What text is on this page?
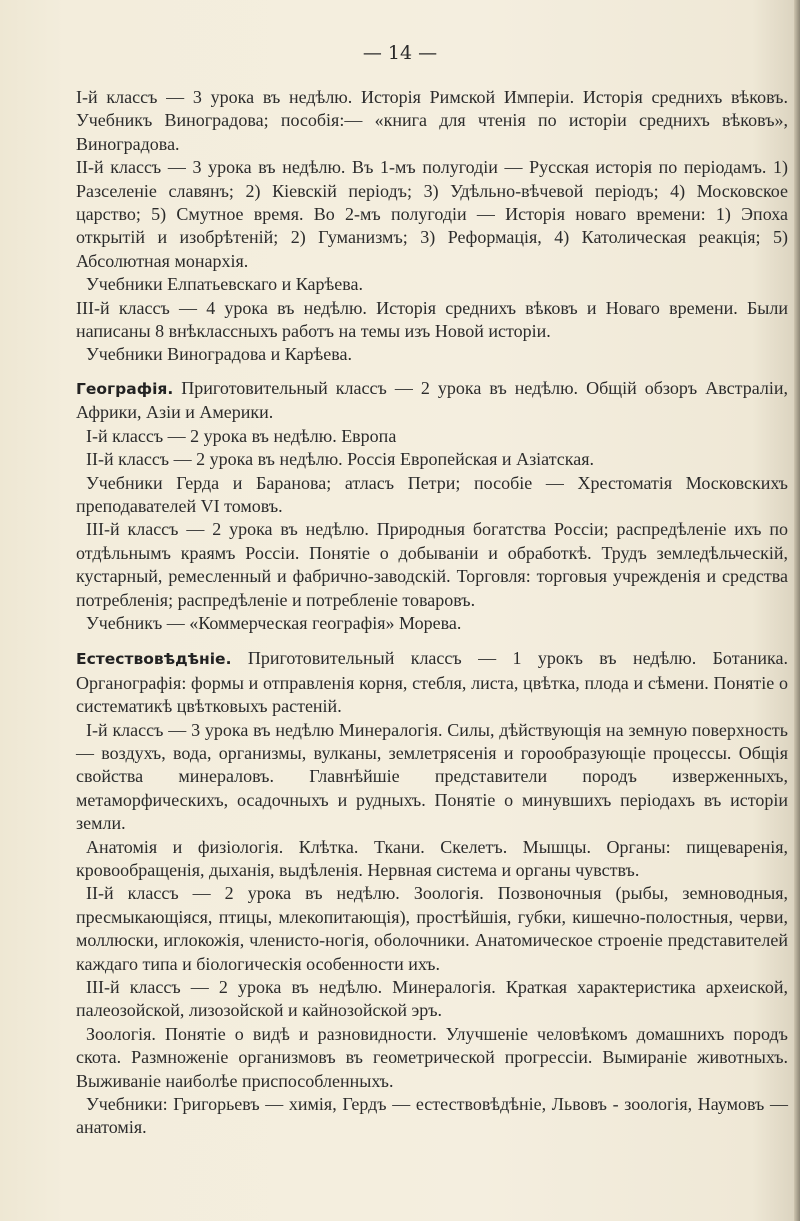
— 14 —

I-й классъ — 3 урока въ недѣлю. Исторія Римской Имперіи. Исторія среднихъ вѣковъ. Учебникъ Виноградова; пособія:— «книга для чтенія по исторіи среднихъ вѣковъ», Виноградова.

II-й классъ — 3 урока въ недѣлю. Въ 1-мъ полугодіи — Русская исторія по періодамъ. 1) Разселеніе славянъ; 2) Кіевскій періодъ; 3) Удѣльно-вѣчевой періодъ; 4) Московское царство; 5) Смутное время. Во 2-мъ полугодіи — Исторія новаго времени: 1) Эпоха открытій и изобрѣтеній; 2) Гуманизмъ; 3) Реформація, 4) Католическая реакція; 5) Абсолютная монархія.

Учебники Елпатьевскаго и Карѣева.

III-й классъ — 4 урока въ недѣлю. Исторія среднихъ вѣковъ и Новаго времени. Были написаны 8 внѣклассныхъ работъ на темы изъ Новой исторіи.

Учебники Виноградова и Карѣева.

Географія. Приготовительный классъ — 2 урока въ недѣлю. Общій обзоръ Австраліи, Африки, Азіи и Америки.

I-й классъ — 2 урока въ недѣлю. Европа

II-й классъ — 2 урока въ недѣлю. Россія Европейская и Азіатская.

Учебники Герда и Баранова; атласъ Петри; пособіе — Хрестоматія Московскихъ преподавателей VI томовъ.

III-й классъ — 2 урока въ недѣлю. Природныя богатства Россіи; распредѣленіе ихъ по отдѣльнымъ краямъ Россіи. Понятіе о добываніи и обработкѣ. Трудъ земледѣльческій, кустарный, ремесленный и фабрично-заводскій. Торговля: торговыя учрежденія и средства потребленія; распредѣленіе и потребленіе товаровъ.

Учебникъ — «Коммерческая географія» Морева.

Естествовѣдѣніе. Приготовительный классъ — 1 урокъ въ недѣлю. Ботаника. Органографія: формы и отправленія корня, стебля, листа, цвѣтка, плода и сѣмени. Понятіе о систематикѣ цвѣтковыхъ растеній.

I-й классъ — 3 урока въ недѣлю Минералогія. Силы, дѣйствующія на земную поверхность — воздухъ, вода, организмы, вулканы, землетрясенія и горообразующіе процессы. Общія свойства минераловъ. Главнѣйшіе представители породъ изверженныхъ, метаморфическихъ, осадочныхъ и рудныхъ. Понятіе о минувшихъ періодахъ въ исторіи земли.

Анатомія и физіологія. Клѣтка. Ткани. Скелетъ. Мышцы. Органы: пищеваренія, кровообращенія, дыханія, выдѣленія. Нервная система и органы чувствъ.

II-й классъ — 2 урока въ недѣлю. Зоологія. Позвоночныя (рыбы, земноводныя, пресмыкающіяся, птицы, млекопитающія), простѣйшія, губки, кишечно-полостныя, черви, моллюски, иглокожія, членисто-ногія, оболочники. Анатомическое строеніе представителей каждаго типа и біологическія особенности ихъ.

III-й классъ — 2 урока въ недѣлю. Минералогія. Краткая характеристика археиской, палеозойской, лизозойской и кайнозойской эръ.

Зоологія. Понятіе о видѣ и разновидности. Улучшеніе человѣкомъ домашнихъ породъ скота. Размноженіе организмовъ въ геометрической прогрессіи. Вымираніе животныхъ. Выживаніе наиболѣе приспособленныхъ.

Учебники: Григорьевъ — химія, Гердъ — естествовѣдѣніе, Львовъ - зоологія, Наумовъ — анатомія.
